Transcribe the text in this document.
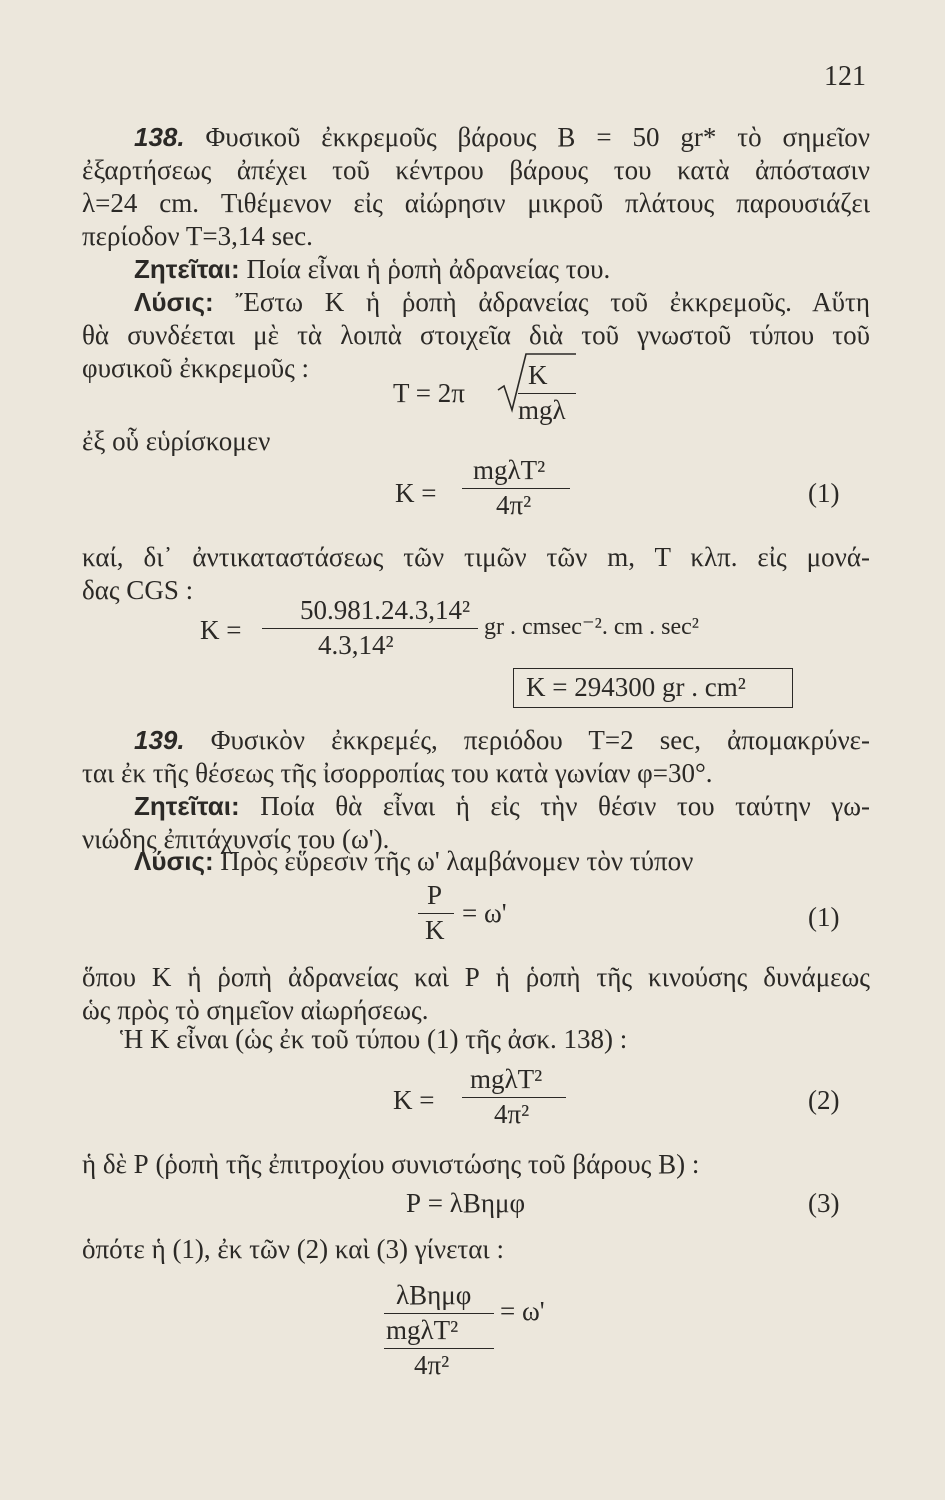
121
138. Φυσικοῦ ἐκκρεμοῦς βάρους Β = 50 gr* τὸ σημεῖον
ἐξαρτήσεως ἀπέχει τοῦ κέντρου βάρους του κατὰ ἀπόστασιν
λ=24 cm. Τιθέμενον εἰς αἰώρησιν μικροῦ πλάτους παρουσιάζει
περίοδον Τ=3,14 sec.
Ζητεῖται: Ποία εἶναι ἡ ῥοπὴ ἀδρανείας του.
Λύσις: Ἔστω Κ ἡ ῥοπὴ ἀδρανείας τοῦ ἐκκρεμοῦς. Αὕτη
θὰ συνδέεται μὲ τὰ λοιπὰ στοιχεῖα διὰ τοῦ γνωστοῦ τύπου τοῦ
φυσικοῦ ἐκκρεμοῦς :
Τ = 2π
Κ
mgλ
ἐξ οὗ εὑρίσκομεν
Κ =
mgλΤ²
4π²	(1)
καί, δι᾽ ἀντικαταστάσεως τῶν τιμῶν τῶν m, T κλπ. εἰς μονά-
δας CGS :
Κ =
50.981.24.3,14²
4.3,14²
gr . cmsec⁻². cm . sec²
Κ = 294300 gr . cm²
139. Φυσικὸν ἐκκρεμές, περιόδου Τ=2 sec, ἀπομακρύνε-
ται ἐκ τῆς θέσεως τῆς ἰσορροπίας του κατὰ γωνίαν φ=30°.
Ζητεῖται: Ποία θὰ εἶναι ἡ εἰς τὴν θέσιν του ταύτην γω-
νιώδης ἐπιτάχυνσίς του (ω').
Λύσις: Πρὸς εὕρεσιν τῆς ω' λαμβάνομεν τὸν τύπον
Ρ
Κ
= ω'	(1)
ὅπου Κ ἡ ῥοπὴ ἀδρανείας καὶ Ρ ἡ ῥοπὴ τῆς κινούσης δυνάμεως
ὡς πρὸς τὸ σημεῖον αἰωρήσεως.
Ἡ Κ εἶναι (ὡς ἐκ τοῦ τύπου (1) τῆς ἀσκ. 138) :
Κ =
mgλΤ²
4π²	(2)
ἡ δὲ Ρ (ῥοπὴ τῆς ἐπιτροχίου συνιστώσης τοῦ βάρους Β) :
Ρ = λΒημφ	(3)
ὁπότε ἡ (1), ἐκ τῶν (2) καὶ (3) γίνεται :
λΒημφ
mgλΤ²
4π²
= ω'
